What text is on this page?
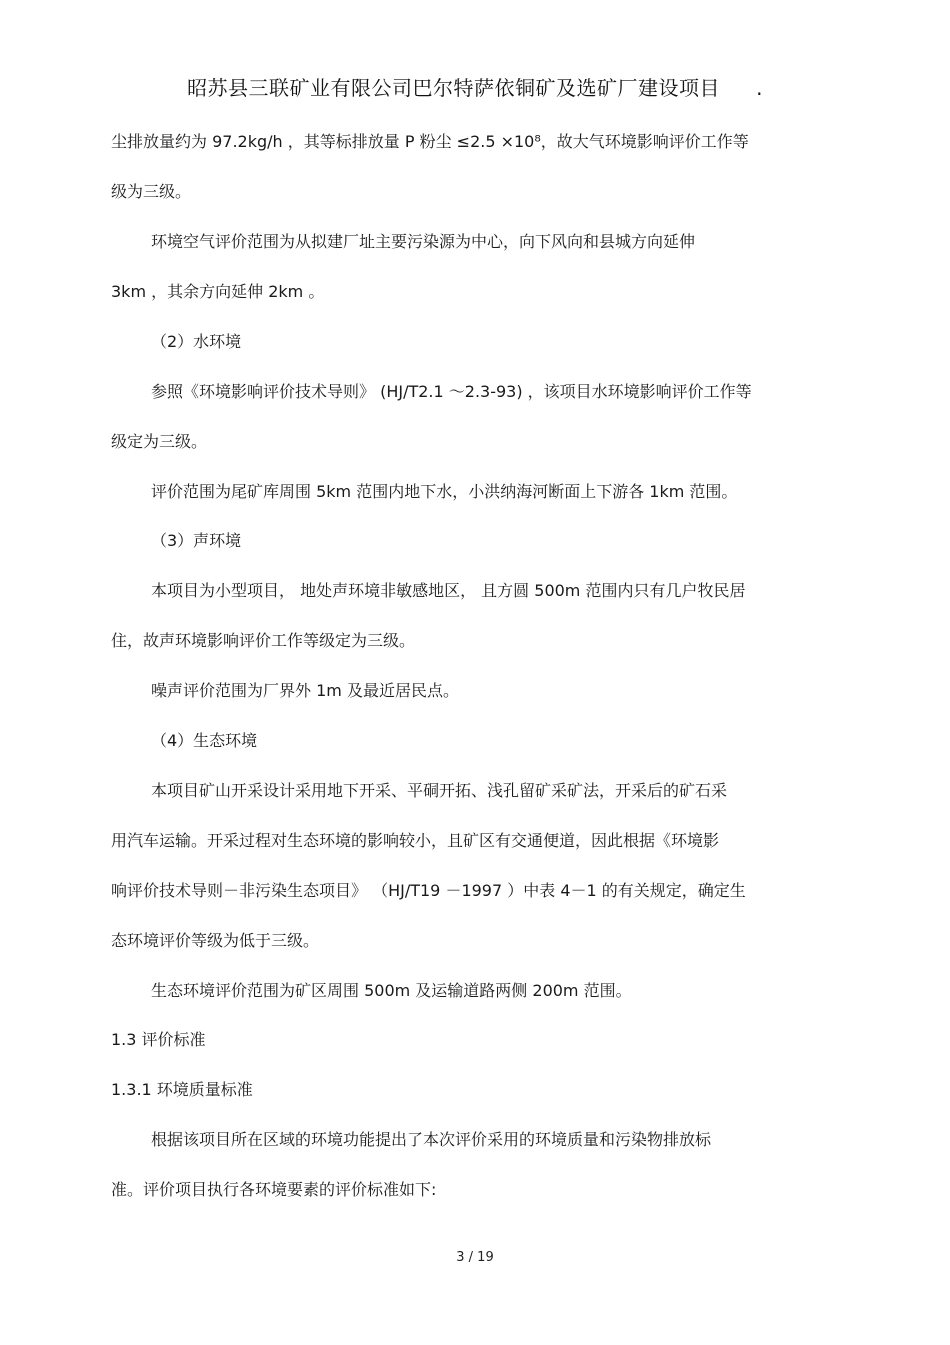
昭苏县三联矿业有限公司巴尔特萨依铜矿及选矿厂建设项目 .
尘排放量约为 97.2kg/h ，其等标排放量 P 粉尘 ≤2.5 ×10⁸，故大气环境影响评价工作等
级为三级。
环境空气评价范围为从拟建厂址主要污染源为中心，向下风向和县城方向延伸
3km ，其余方向延伸 2km 。
（2）水环境
参照《环境影响评价技术导则》 (HJ/T2.1 ～2.3-93) ，该项目水环境影响评价工作等
级定为三级。
评价范围为尾矿库周围 5km 范围内地下水，小洪纳海河断面上下游各 1km 范围。
（3）声环境
本项目为小型项目， 地处声环境非敏感地区， 且方圆 500m 范围内只有几户牧民居
住，故声环境影响评价工作等级定为三级。
噪声评价范围为厂界外 1m 及最近居民点。
（4）生态环境
本项目矿山开采设计采用地下开采、平硐开拓、浅孔留矿采矿法，开采后的矿石采
用汽车运输。开采过程对生态环境的影响较小，且矿区有交通便道，因此根据《环境影
响评价技术导则－非污染生态项目》 （HJ/T19 －1997 ）中表 4－1 的有关规定，确定生
态环境评价等级为低于三级。
生态环境评价范围为矿区周围 500m 及运输道路两侧 200m 范围。
1.3 评价标准
1.3.1 环境质量标准
根据该项目所在区域的环境功能提出了本次评价采用的环境质量和污染物排放标
准。评价项目执行各环境要素的评价标准如下:
3 / 19
